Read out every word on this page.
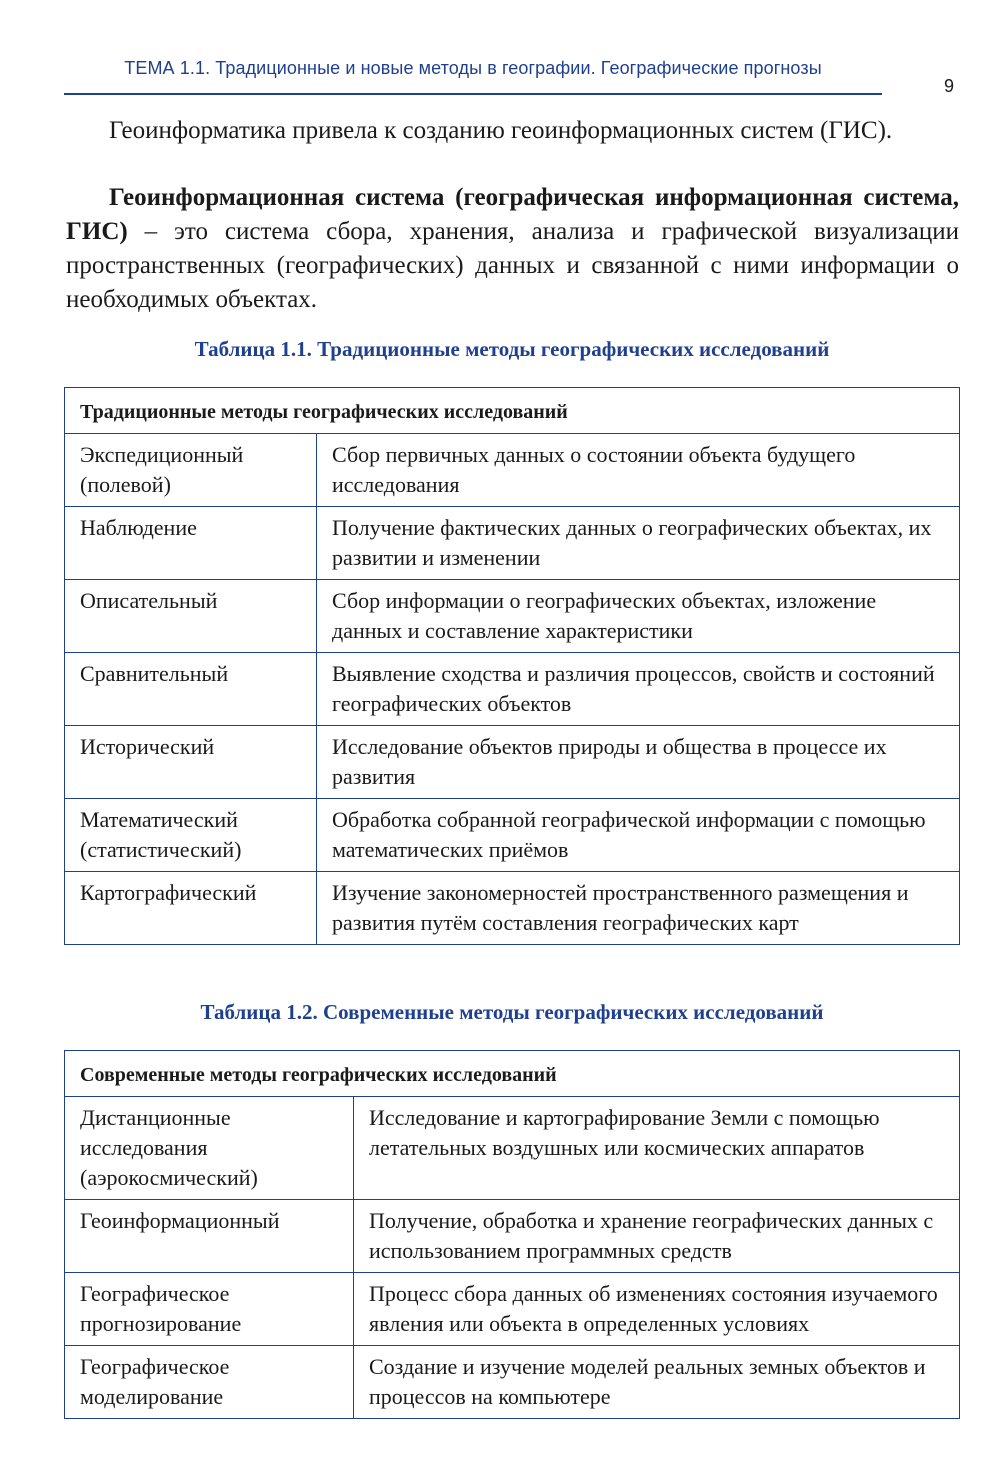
ТЕМА 1.1. Традиционные и новые методы в географии. Географические прогнозы
9

Геоинформатика привела к созданию геоинформационных систем (ГИС).

Геоинформационная система (географическая информационная система, ГИС) – это система сбора, хранения, анализа и графической визуализации пространственных (географических) данных и связанной с ними информации о необходимых объектах.

Таблица 1.1. Традиционные методы географических исследований
Традиционные методы географических исследований	
Экспедиционный (полевой)	Сбор первичных данных о состоянии объекта будущего исследования
Наблюдение	Получение фактических данных о географических объектах, их развитии и изменении
Описательный	Сбор информации о географических объектах, изложение данных и составление характеристики
Сравнительный	Выявление сходства и различия процессов, свойств и состояний географических объектов
Исторический	Исследование объектов природы и общества в процессе их развития
Математический (статистический)	Обработка собранной географической информации с помощью математических приёмов
Картографический	Изучение закономерностей пространственного размещения и развития путём составления географических карт
Таблица 1.2. Современные методы географических исследований
Современные методы географических исследований	
Дистанционные исследования (аэрокосмический)	Исследование и картографирование Земли с помощью летательных воздушных или космических аппаратов
Геоинформационный	Получение, обработка и хранение географических данных с использованием программных средств
Географическое прогнозирование	Процесс сбора данных об изменениях состояния изучаемого явления или объекта в определенных условиях
Географическое моделирование	Создание и изучение моделей реальных земных объектов и процессов на компьютере
